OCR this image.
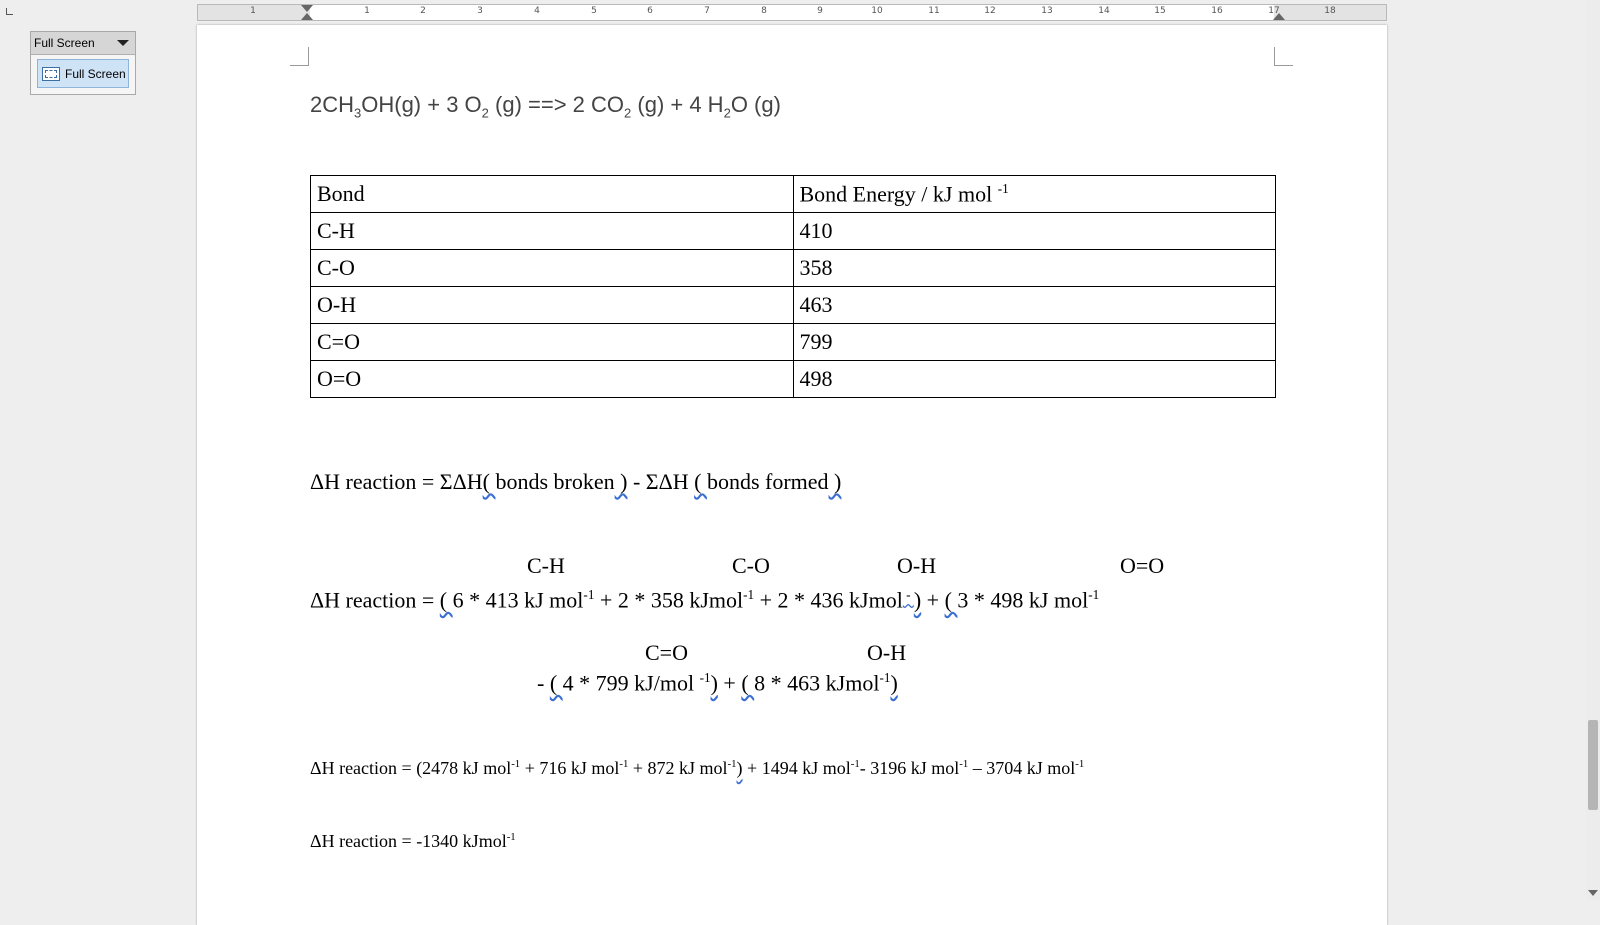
1	1	2	3	4	5	6	7	8	9	10	11	12	13	14	15	16	17	18
Full Screen
Full Screen
$2CH_3OH(g) + 3$ $O_2$ (g) ==> 2 $CO_2$ (g) + 4 $H_2O$ (g)
Bond	Bond Energy / kJ mol $^{-1}$
C-H	410
C-O	358
O-H	463
C=O	799
O=O	498
ΔH reaction = ΣΔH( bonds broken ) - ΣΔH ( bonds formed )
C-H	C-O	O-H	O=O
ΔH reaction = ( 6 * 413 kJ mol$^{-1}$ + 2 * 358 kJmol$^{-1}$ + 2 * 436 kJmol - ) + ( 3 * 498 kJ mol$^{-1}$
C=O	O-H
- ( 4 * 799 kJ/mol $^{-1}$) + ( 8 * 463 kJmol$^{-1}$)
ΔH reaction = (2478 kJ mol$^{-1}$ + 716 kJ mol$^{-1}$ + 872 kJ mol$^{-1}$) + 1494 kJ mol$^{-1}$- 3196 kJ mol$^{-1}$ – 3704 kJ mol$^{-1}$
ΔH reaction = -1340 kJmol$^{-1}$
